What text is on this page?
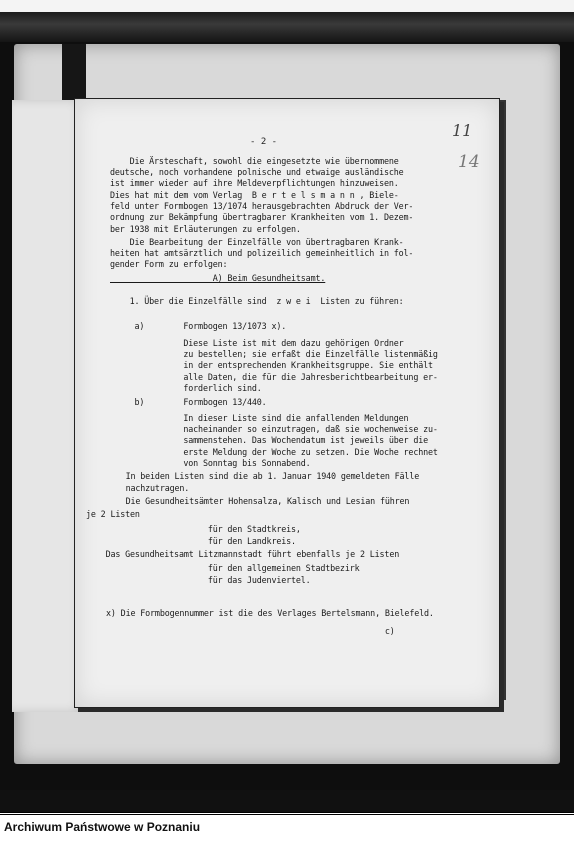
- 2 -
11
14

Die Ärsteschaft, sowohl die eingesetzte wie übernommene

deutsche, noch vorhandene polnische und etwaige ausländische

ist immer wieder auf ihre Meldeverpflichtungen hinzuweisen.

Dies hat mit dem vom Verlag  B e r t e l s m a n n , Biele-

feld unter Formbogen 13/1074 herausgebrachten Abdruck der Ver-

ordnung zur Bekämpfung übertragbarer Krankheiten vom 1. Dezem-

ber 1938 mit Erläuterungen zu erfolgen.

Die Bearbeitung der Einzelfälle von übertragbaren Krank-

heiten hat amtsärztlich und polizeilich gemeinheitlich in fol-

gender Form zu erfolgen:

A) Beim Gesundheitsamt.

1. Über die Einzelfälle sind  z w e i  Listen zu führen:

a)        Formbogen 13/1073 x).

Diese Liste ist mit dem dazu gehörigen Ordner

zu bestellen; sie erfaßt die Einzelfälle listenmäßig

in der entsprechenden Krankheitsgruppe. Sie enthält

alle Daten, die für die Jahresberichtbearbeitung er-

forderlich sind.

b)        Formbogen 13/440.

In dieser Liste sind die anfallenden Meldungen

nacheinander so einzutragen, daß sie wochenweise zu-

sammenstehen. Das Wochendatum ist jeweils über die

erste Meldung der Woche zu setzen. Die Woche rechnet

von Sonntag bis Sonnabend.

In beiden Listen sind die ab 1. Januar 1940 gemeldeten Fälle

nachzutragen.

Die Gesundheitsämter Hohensalza, Kalisch und Lesian führen

je 2 Listen

für den Stadtkreis,

für den Landkreis.

Das Gesundheitsamt Litzmannstadt führt ebenfalls je 2 Listen

für den allgemeinen Stadtbezirk

für das Judenviertel.

x) Die Formbogennummer ist die des Verlages Bertelsmann, Bielefeld.

c)

Archiwum Państwowe w Poznaniu
